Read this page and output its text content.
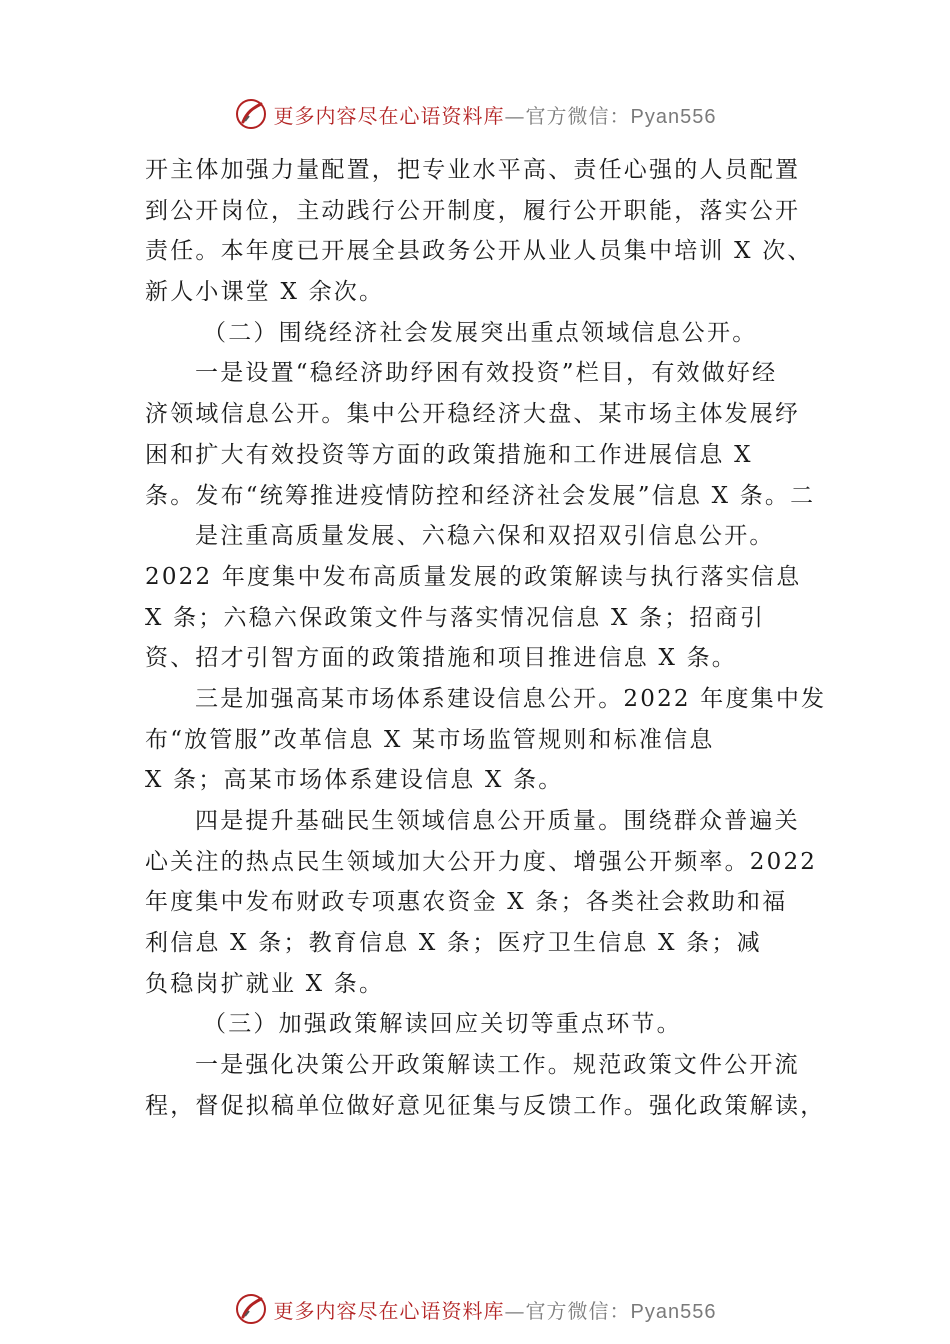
更多内容尽在心语资料库—官方微信：Pyan556
开主体加强力量配置，把专业水平高、责任心强的人员配置
到公开岗位，主动践行公开制度，履行公开职能，落实公开
责任。本年度已开展全县政务公开从业人员集中培训 X 次、
新人小课堂 X 余次。
（二）围绕经济社会发展突出重点领域信息公开。
一是设置“稳经济助纾困有效投资”栏目，有效做好经
济领域信息公开。集中公开稳经济大盘、某市场主体发展纾
困和扩大有效投资等方面的政策措施和工作进展信息 X
条。发布“统筹推进疫情防控和经济社会发展”信息 X 条。二
是注重高质量发展、六稳六保和双招双引信息公开。
2022 年度集中发布高质量发展的政策解读与执行落实信息
X 条；六稳六保政策文件与落实情况信息 X 条；招商引
资、招才引智方面的政策措施和项目推进信息 X 条。
三是加强高某市场体系建设信息公开。2022 年度集中发
布“放管服”改革信息 X 某市场监管规则和标准信息
X 条；高某市场体系建设信息 X 条。
四是提升基础民生领域信息公开质量。围绕群众普遍关
心关注的热点民生领域加大公开力度、增强公开频率。2022
年度集中发布财政专项惠农资金 X 条；各类社会救助和福
利信息 X 条；教育信息 X 条；医疗卫生信息 X 条；减
负稳岗扩就业 X 条。
（三）加强政策解读回应关切等重点环节。
一是强化决策公开政策解读工作。规范政策文件公开流
程，督促拟稿单位做好意见征集与反馈工作。强化政策解读，
更多内容尽在心语资料库—官方微信：Pyan556
